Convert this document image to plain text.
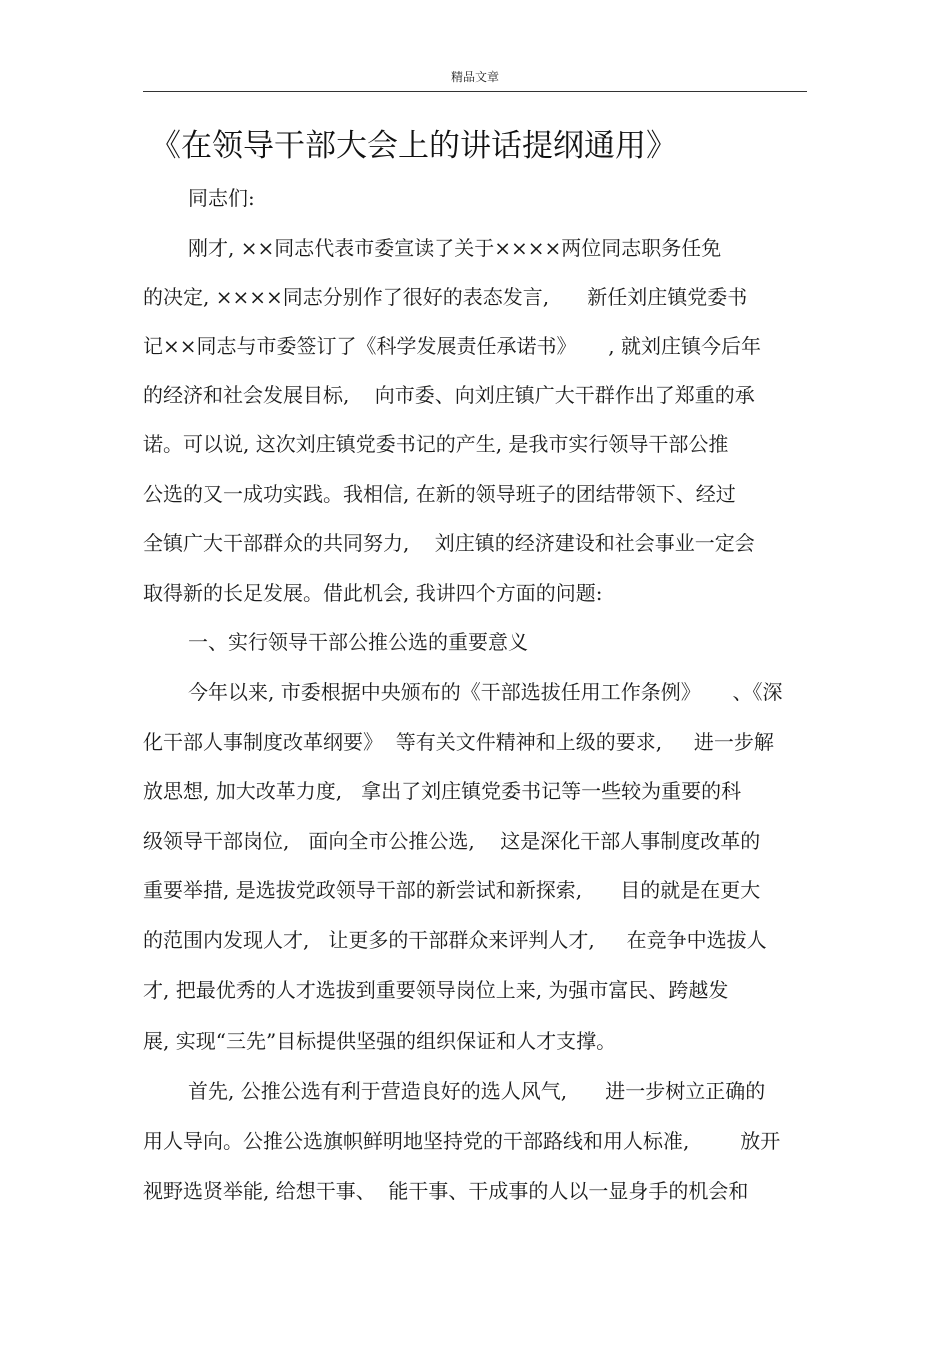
精品文章
《在领导干部大会上的讲话提纲通用》
同志们:
刚才, ××同志代表市委宣读了关于××××两位同志职务任免
的决定, ××××同志分别作了很好的表态发言,      新任刘庄镇党委书
记××同志与市委签订了《科学发展责任承诺书》     , 就刘庄镇今后年
的经济和社会发展目标,    向市委、向刘庄镇广大干群作出了郑重的承
诺。可以说, 这次刘庄镇党委书记的产生, 是我市实行领导干部公推
公选的又一成功实践。我相信, 在新的领导班子的团结带领下、经过
全镇广大干部群众的共同努力,    刘庄镇的经济建设和社会事业一定会
取得新的长足发展。借此机会, 我讲四个方面的问题:
一、实行领导干部公推公选的重要意义
今年以来, 市委根据中央颁布的《干部选拔任用工作条例》     、《深
化干部人事制度改革纲要》  等有关文件精神和上级的要求,     进一步解
放思想, 加大改革力度,   拿出了刘庄镇党委书记等一些较为重要的科
级领导干部岗位,   面向全市公推公选,    这是深化干部人事制度改革的
重要举措, 是选拔党政领导干部的新尝试和新探索,      目的就是在更大
的范围内发现人才,   让更多的干部群众来评判人才,     在竞争中选拔人
才, 把最优秀的人才选拔到重要领导岗位上来, 为强市富民、跨越发
展, 实现“三先”目标提供坚强的组织保证和人才支撑。
首先, 公推公选有利于营造良好的选人风气,      进一步树立正确的
用人导向。公推公选旗帜鲜明地坚持党的干部路线和用人标准,        放开
视野选贤举能, 给想干事、  能干事、干成事的人以一显身手的机会和
